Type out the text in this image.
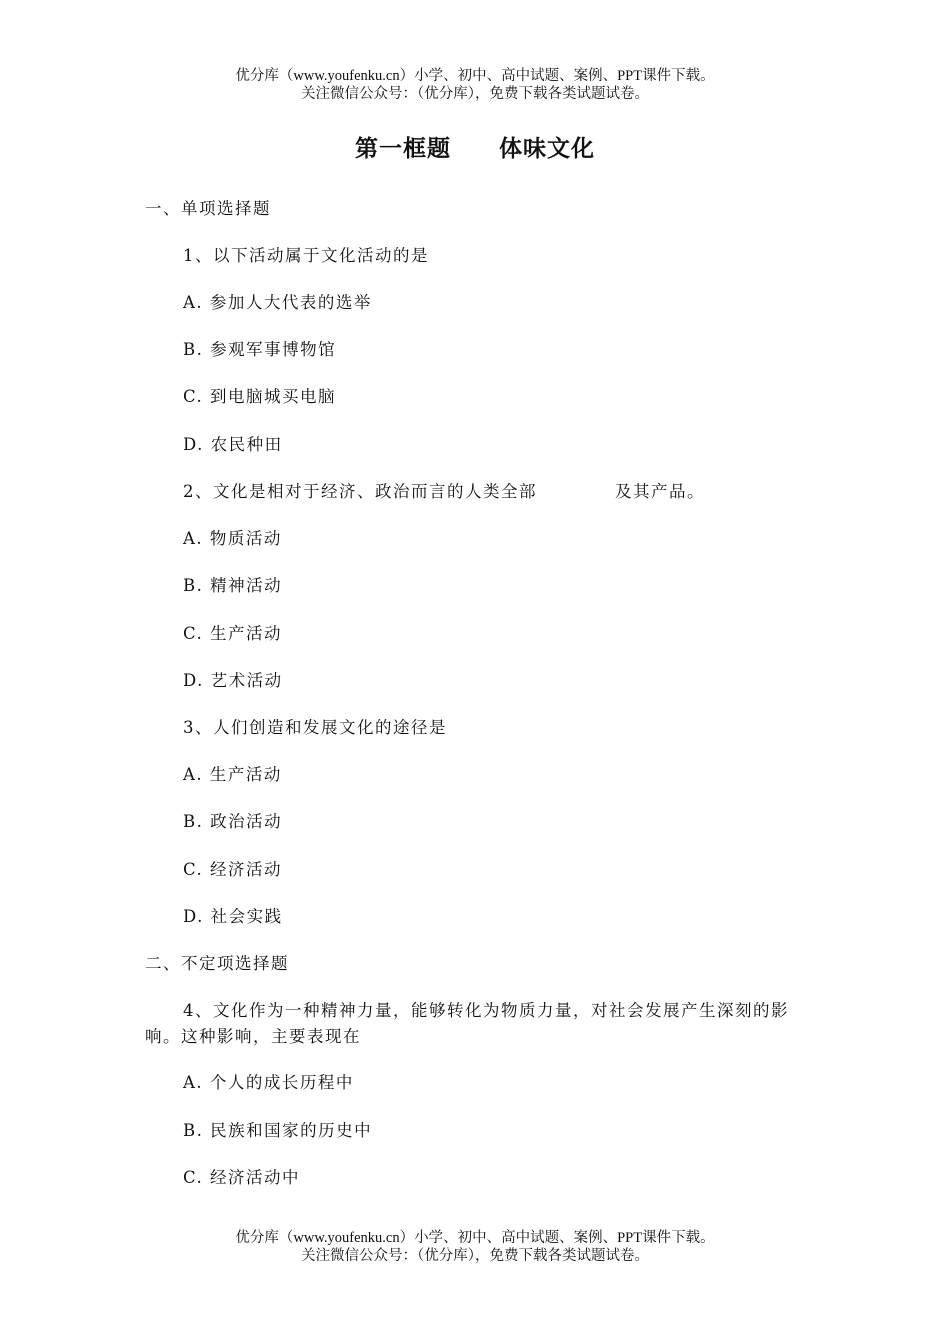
优分库（www.youfenku.cn）小学、初中、高中试题、案例、PPT课件下载。
关注微信公众号：（优分库），免费下载各类试题试卷。
第一框题 体味文化
一、单项选择题
1、以下活动属于文化活动的是
A. 参加人大代表的选举
B. 参观军事博物馆
C. 到电脑城买电脑
D. 农民种田
2、文化是相对于经济、政治而言的人类全部	及其产品。
A. 物质活动
B. 精神活动
C. 生产活动
D. 艺术活动
3、人们创造和发展文化的途径是
A. 生产活动
B. 政治活动
C. 经济活动
D. 社会实践
二、不定项选择题
4、文化作为一种精神力量，能够转化为物质力量，对社会发展产生深刻的影响。这种影响，主要表现在
A. 个人的成长历程中
B. 民族和国家的历史中
C. 经济活动中
优分库（www.youfenku.cn）小学、初中、高中试题、案例、PPT课件下载。
关注微信公众号：（优分库），免费下载各类试题试卷。
